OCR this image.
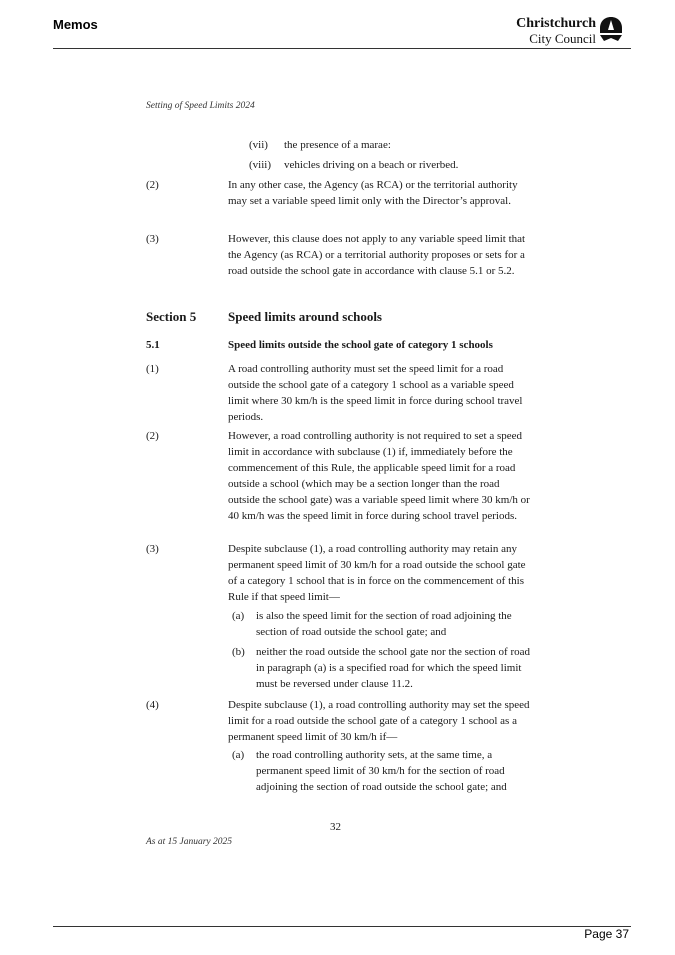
Memos	Christchurch
City Council
Setting of Speed Limits 2024
(vii) the presence of a marae:
(viii) vehicles driving on a beach or riverbed.
(2)	In any other case, the Agency (as RCA) or the territorial authority may set a variable speed limit only with the Director’s approval.
(3)	However, this clause does not apply to any variable speed limit that the Agency (as RCA) or a territorial authority proposes or sets for a road outside the school gate in accordance with clause 5.1 or 5.2.
Section 5 Speed limits around schools
5.1	Speed limits outside the school gate of category 1 schools
(1)	A road controlling authority must set the speed limit for a road outside the school gate of a category 1 school as a variable speed limit where 30 km/h is the speed limit in force during school travel periods.
(2)	However, a road controlling authority is not required to set a speed limit in accordance with subclause (1) if, immediately before the commencement of this Rule, the applicable speed limit for a road outside a school (which may be a section longer than the road outside the school gate) was a variable speed limit where 30 km/h or 40 km/h was the speed limit in force during school travel periods.
(3)	Despite subclause (1), a road controlling authority may retain any permanent speed limit of 30 km/h for a road outside the school gate of a category 1 school that is in force on the commencement of this Rule if that speed limit—
(a) is also the speed limit for the section of road adjoining the section of road outside the school gate; and
(b) neither the road outside the school gate nor the section of road in paragraph (a) is a specified road for which the speed limit must be reversed under clause 11.2.
(4)	Despite subclause (1), a road controlling authority may set the speed limit for a road outside the school gate of a category 1 school as a permanent speed limit of 30 km/h if—
(a) the road controlling authority sets, at the same time, a permanent speed limit of 30 km/h for the section of road adjoining the section of road outside the school gate; and
32
As at 15 January 2025
Page 37
